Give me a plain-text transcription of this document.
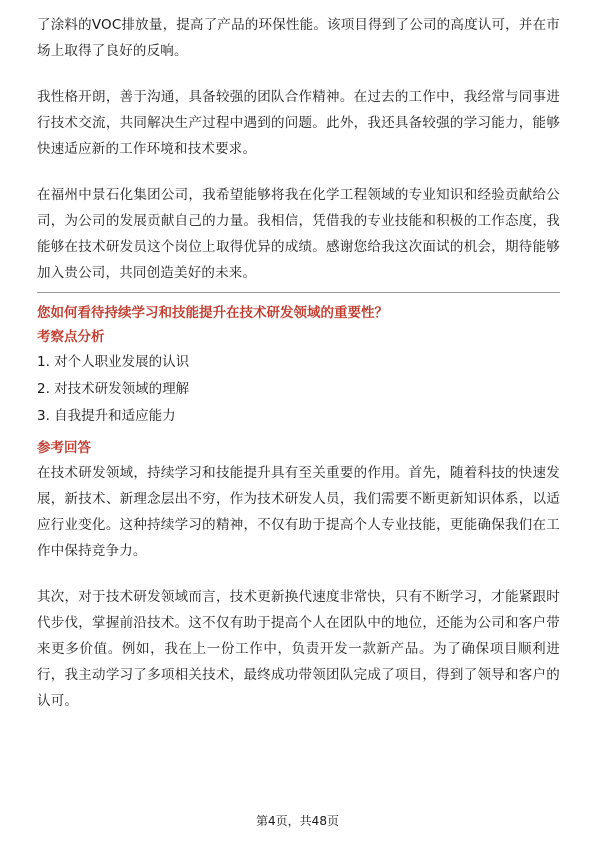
了涂料的VOC排放量，提高了产品的环保性能。该项目得到了公司的高度认可，并在市场上取得了良好的反响。

我性格开朗，善于沟通，具备较强的团队合作精神。在过去的工作中，我经常与同事进行技术交流，共同解决生产过程中遇到的问题。此外，我还具备较强的学习能力，能够快速适应新的工作环境和技术要求。

在福州中景石化集团公司，我希望能够将我在化学工程领域的专业知识和经验贡献给公司，为公司的发展贡献自己的力量。我相信，凭借我的专业技能和积极的工作态度，我能够在技术研发员这个岗位上取得优异的成绩。感谢您给我这次面试的机会，期待能够加入贵公司，共同创造美好的未来。

您如何看待持续学习和技能提升在技术研发领域的重要性？

考察点分析

1. 对个人职业发展的认识
2. 对技术研发领域的理解
3. 自我提升和适应能力

参考回答

在技术研发领域，持续学习和技能提升具有至关重要的作用。首先，随着科技的快速发展，新技术、新理念层出不穷，作为技术研发人员，我们需要不断更新知识体系，以适应行业变化。这种持续学习的精神，不仅有助于提高个人专业技能，更能确保我们在工作中保持竞争力。

其次，对于技术研发领域而言，技术更新换代速度非常快，只有不断学习，才能紧跟时代步伐，掌握前沿技术。这不仅有助于提高个人在团队中的地位，还能为公司和客户带来更多价值。例如，我在上一份工作中，负责开发一款新产品。为了确保项目顺利进行，我主动学习了多项相关技术，最终成功带领团队完成了项目，得到了领导和客户的认可。

第4页，共48页
